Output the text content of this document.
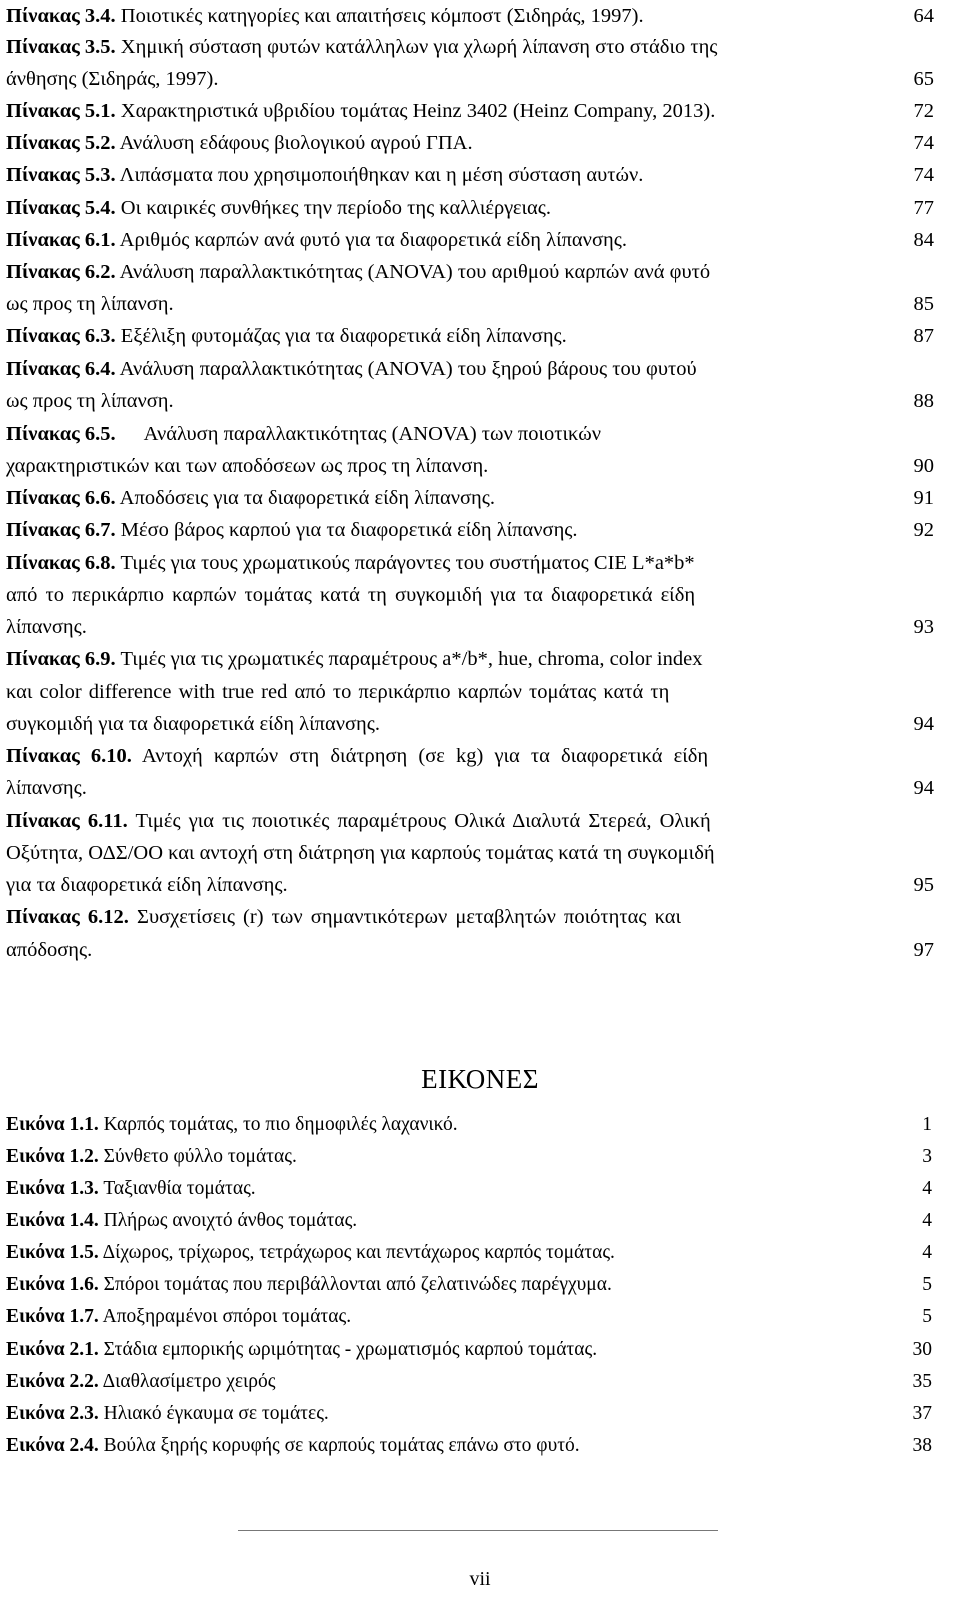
Πίνακας 3.4. Ποιοτικές κατηγορίες και απαιτήσεις κόμποστ (Σιδηράς, 1997).	64
Πίνακας 3.5. Χημική σύσταση φυτών κατάλληλων για χλωρή λίπανση στο στάδιο της
άνθησης (Σιδηράς, 1997).	65
Πίνακας 5.1. Χαρακτηριστικά υβριδίου τομάτας Heinz 3402 (Heinz Company, 2013).	72
Πίνακας 5.2. Ανάλυση εδάφους βιολογικού αγρού ΓΠΑ.	74
Πίνακας 5.3. Λιπάσματα που χρησιμοποιήθηκαν και η μέση σύσταση αυτών.	74
Πίνακας 5.4. Οι καιρικές συνθήκες την περίοδο της καλλιέργειας.	77
Πίνακας 6.1. Αριθμός καρπών ανά φυτό για τα διαφορετικά είδη λίπανσης.	84
Πίνακας 6.2. Ανάλυση παραλλακτικότητας (ANOVA) του αριθμού καρπών ανά φυτό
ως προς τη λίπανση.	85
Πίνακας 6.3. Εξέλιξη φυτομάζας για τα διαφορετικά είδη λίπανσης.	87
Πίνακας 6.4. Ανάλυση παραλλακτικότητας (ANOVA) του ξηρού βάρους του φυτού
ως προς τη λίπανση.	88
Πίνακας 6.5. Ανάλυση παραλλακτικότητας (ANOVA) των ποιοτικών
χαρακτηριστικών και των αποδόσεων ως προς τη λίπανση.	90
Πίνακας 6.6. Αποδόσεις για τα διαφορετικά είδη λίπανσης.	91
Πίνακας 6.7. Μέσο βάρος καρπού για τα διαφορετικά είδη λίπανσης.	92
Πίνακας 6.8. Τιμές για τους χρωματικούς παράγοντες του συστήματος CIE L*a*b*
από το περικάρπιο καρπών τομάτας κατά τη συγκομιδή για τα διαφορετικά είδη
λίπανσης.	93
Πίνακας 6.9. Τιμές για τις χρωματικές παραμέτρους a*/b*, hue, chroma, color index
και color difference with true red από το περικάρπιο καρπών τομάτας κατά τη
συγκομιδή για τα διαφορετικά είδη λίπανσης.	94
Πίνακας 6.10. Αντοχή καρπών στη διάτρηση (σε kg) για τα διαφορετικά είδη
λίπανσης.	94
Πίνακας 6.11. Τιμές για τις ποιοτικές παραμέτρους Ολικά Διαλυτά Στερεά, Ολική
Οξύτητα, ΟΔΣ/ΟΟ και αντοχή στη διάτρηση για καρπούς τομάτας κατά τη συγκομιδή
για τα διαφορετικά είδη λίπανσης.	95
Πίνακας 6.12. Συσχετίσεις (r) των σημαντικότερων μεταβλητών ποιότητας και
απόδοσης.	97
ΕΙΚΟΝΕΣ
Εικόνα 1.1. Καρπός τομάτας, το πιο δημοφιλές λαχανικό.	1
Εικόνα 1.2. Σύνθετο φύλλο τομάτας.	3
Εικόνα 1.3. Ταξιανθία τομάτας.	4
Εικόνα 1.4. Πλήρως ανοιχτό άνθος τομάτας.	4
Εικόνα 1.5. Δίχωρος, τρίχωρος, τετράχωρος και πεντάχωρος καρπός τομάτας.	4
Εικόνα 1.6. Σπόροι τομάτας που περιβάλλονται από ζελατινώδες παρέγχυμα.	5
Εικόνα 1.7. Αποξηραμένοι σπόροι τομάτας.	5
Εικόνα 2.1. Στάδια εμπορικής ωριμότητας - χρωματισμός καρπού τομάτας.	30
Εικόνα 2.2. Διαθλασίμετρο χειρός	35
Εικόνα 2.3. Ηλιακό έγκαυμα σε τομάτες.	37
Εικόνα 2.4. Βούλα ξηρής κορυφής σε καρπούς τομάτας επάνω στο φυτό.	38
vii
